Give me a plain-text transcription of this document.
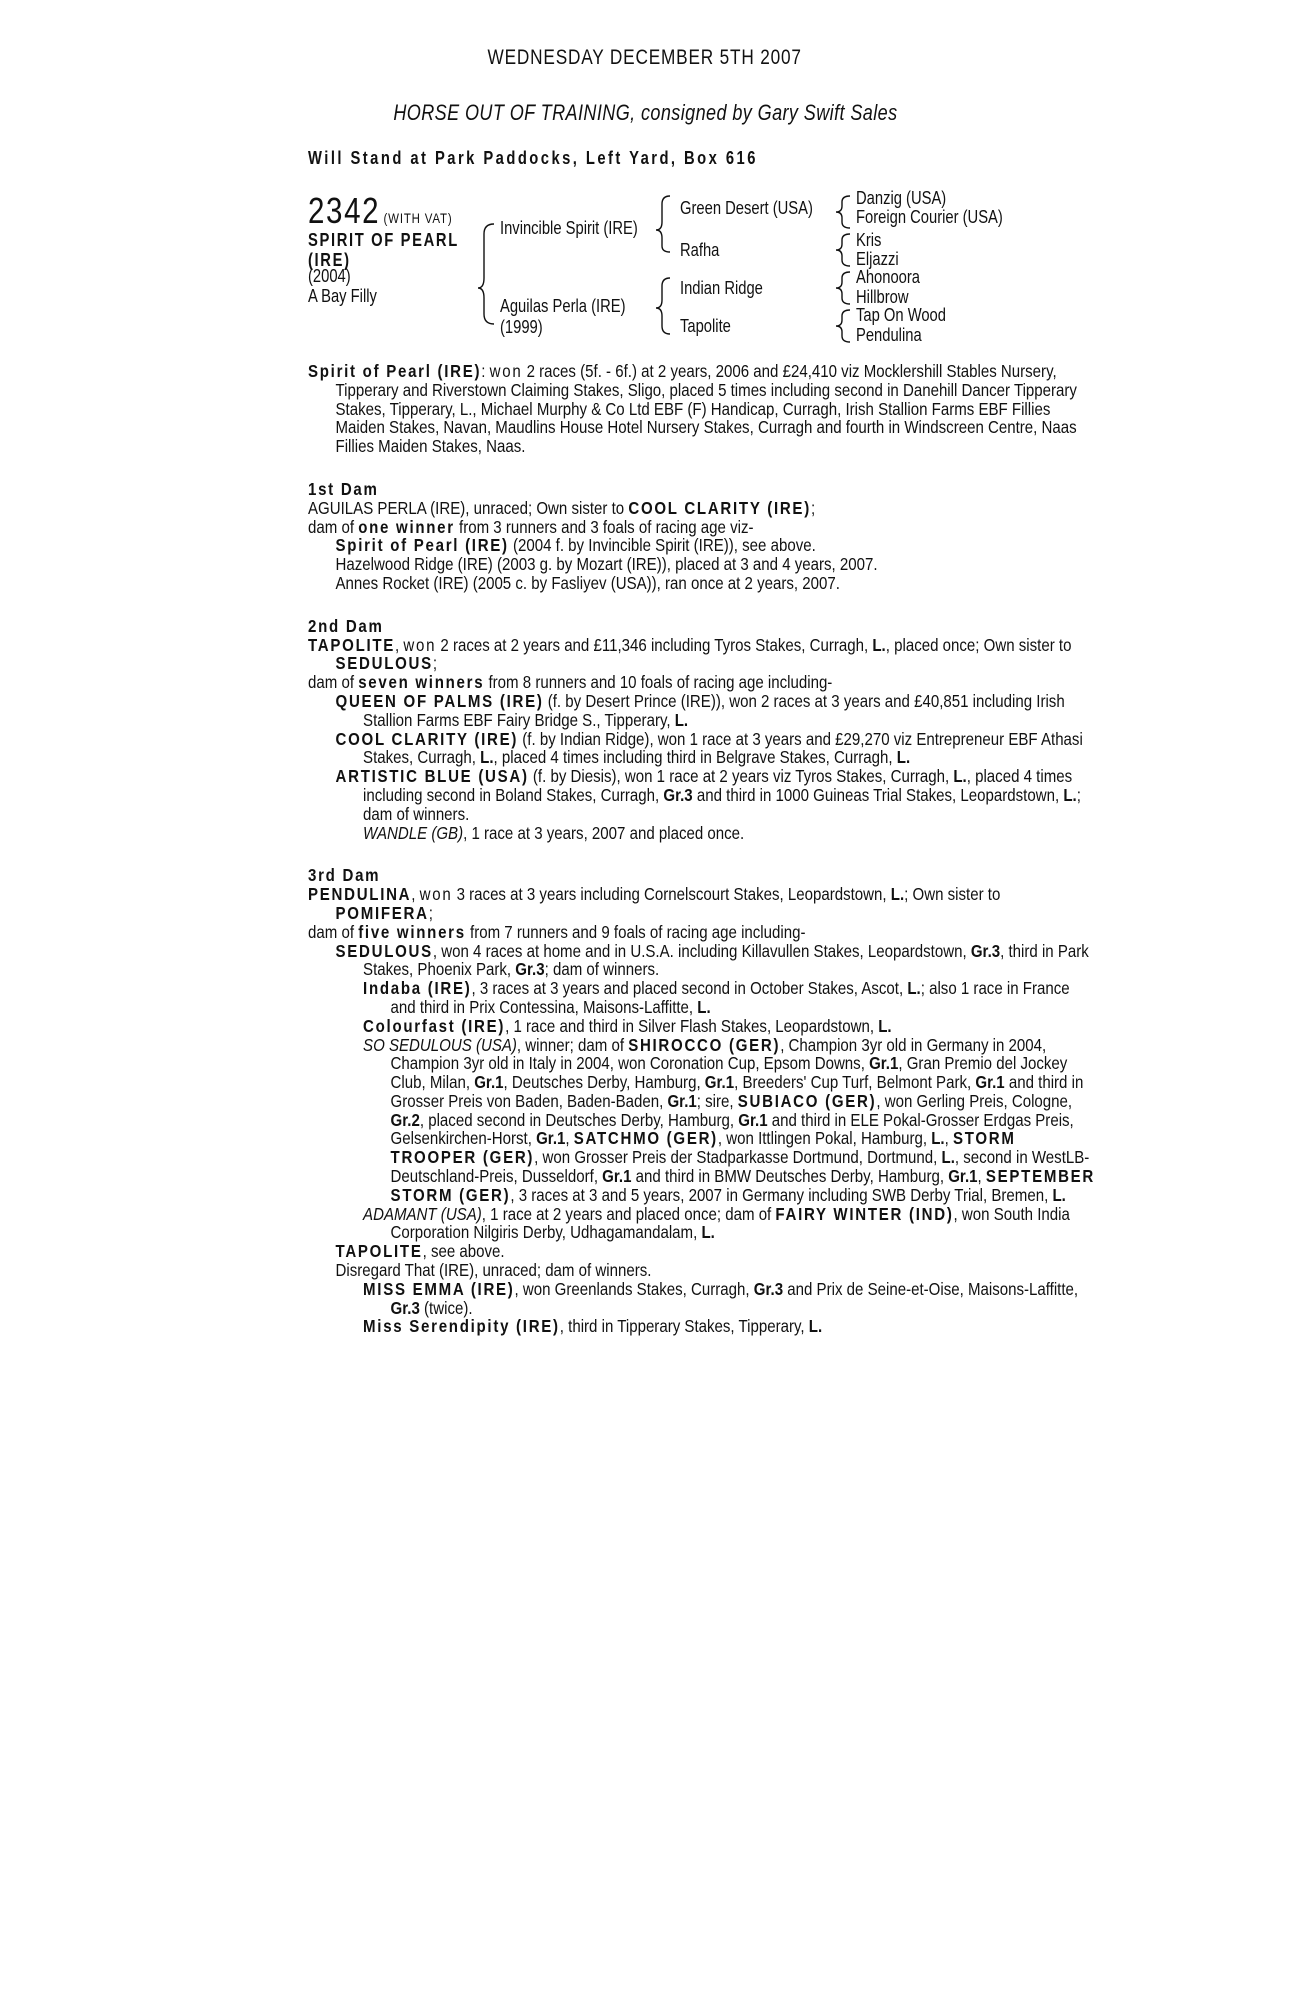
WEDNESDAY DECEMBER 5TH 2007
HORSE OUT OF TRAINING, consigned by Gary Swift Sales
Will Stand at Park Paddocks, Left Yard, Box 616
2342 (WITH VAT)
SPIRIT OF PEARL
(IRE)
(2004)
A Bay Filly
Invincible Spirit (IRE)
Aguilas Perla (IRE)
(1999)
Green Desert (USA)
Rafha
Indian Ridge
Tapolite
Danzig (USA)
Foreign Courier (USA)
Kris
Eljazzi
Ahonoora
Hillbrow
Tap On Wood
Pendulina

Spirit of Pearl (IRE): won 2 races (5f. - 6f.) at 2 years, 2006 and £24,410 viz Mocklershill Stables Nursery, Tipperary and Riverstown Claiming Stakes, Sligo, placed 5 times including second in Danehill Dancer Tipperary Stakes, Tipperary, L., Michael Murphy & Co Ltd EBF (F) Handicap, Curragh, Irish Stallion Farms EBF Fillies Maiden Stakes, Navan, Maudlins House Hotel Nursery Stakes, Curragh and fourth in Windscreen Centre, Naas Fillies Maiden Stakes, Naas.

1st Dam

AGUILAS PERLA (IRE), unraced; Own sister to COOL CLARITY (IRE);

dam of one winner from 3 runners and 3 foals of racing age viz-

Spirit of Pearl (IRE) (2004 f. by Invincible Spirit (IRE)), see above.

Hazelwood Ridge (IRE) (2003 g. by Mozart (IRE)), placed at 3 and 4 years, 2007.

Annes Rocket (IRE) (2005 c. by Fasliyev (USA)), ran once at 2 years, 2007.

2nd Dam

TAPOLITE, won 2 races at 2 years and £11,346 including Tyros Stakes, Curragh, L., placed once; Own sister to SEDULOUS;

dam of seven winners from 8 runners and 10 foals of racing age including-

QUEEN OF PALMS (IRE) (f. by Desert Prince (IRE)), won 2 races at 3 years and £40,851 including Irish Stallion Farms EBF Fairy Bridge S., Tipperary, L.

COOL CLARITY (IRE) (f. by Indian Ridge), won 1 race at 3 years and £29,270 viz Entrepreneur EBF Athasi Stakes, Curragh, L., placed 4 times including third in Belgrave Stakes, Curragh, L.

ARTISTIC BLUE (USA) (f. by Diesis), won 1 race at 2 years viz Tyros Stakes, Curragh, L., placed 4 times including second in Boland Stakes, Curragh, Gr.3 and third in 1000 Guineas Trial Stakes, Leopardstown, L.; dam of winners.

WANDLE (GB), 1 race at 3 years, 2007 and placed once.

3rd Dam

PENDULINA, won 3 races at 3 years including Cornelscourt Stakes, Leopardstown, L.; Own sister to POMIFERA;

dam of five winners from 7 runners and 9 foals of racing age including-

SEDULOUS, won 4 races at home and in U.S.A. including Killavullen Stakes, Leopardstown, Gr.3, third in Park Stakes, Phoenix Park, Gr.3; dam of winners.

Indaba (IRE), 3 races at 3 years and placed second in October Stakes, Ascot, L.; also 1 race in France and third in Prix Contessina, Maisons-Laffitte, L.

Colourfast (IRE), 1 race and third in Silver Flash Stakes, Leopardstown, L.

SO SEDULOUS (USA), winner; dam of SHIROCCO (GER), Champion 3yr old in Germany in 2004, Champion 3yr old in Italy in 2004, won Coronation Cup, Epsom Downs, Gr.1, Gran Premio del Jockey Club, Milan, Gr.1, Deutsches Derby, Hamburg, Gr.1, Breeders' Cup Turf, Belmont Park, Gr.1 and third in Grosser Preis von Baden, Baden-Baden, Gr.1; sire, SUBIACO (GER), won Gerling Preis, Cologne, Gr.2, placed second in Deutsches Derby, Hamburg, Gr.1 and third in ELE Pokal-Grosser Erdgas Preis, Gelsenkirchen-Horst, Gr.1, SATCHMO (GER), won Ittlingen Pokal, Hamburg, L., STORM TROOPER (GER), won Grosser Preis der Stadparkasse Dortmund, Dortmund, L., second in WestLB-Deutschland-Preis, Dusseldorf, Gr.1 and third in BMW Deutsches Derby, Hamburg, Gr.1, SEPTEMBER STORM (GER), 3 races at 3 and 5 years, 2007 in Germany including SWB Derby Trial, Bremen, L.

ADAMANT (USA), 1 race at 2 years and placed once; dam of FAIRY WINTER (IND), won South India Corporation Nilgiris Derby, Udhagamandalam, L.

TAPOLITE, see above.

Disregard That (IRE), unraced; dam of winners.

MISS EMMA (IRE), won Greenlands Stakes, Curragh, Gr.3 and Prix de Seine-et-Oise, Maisons-Laffitte, Gr.3 (twice).

Miss Serendipity (IRE), third in Tipperary Stakes, Tipperary, L.
